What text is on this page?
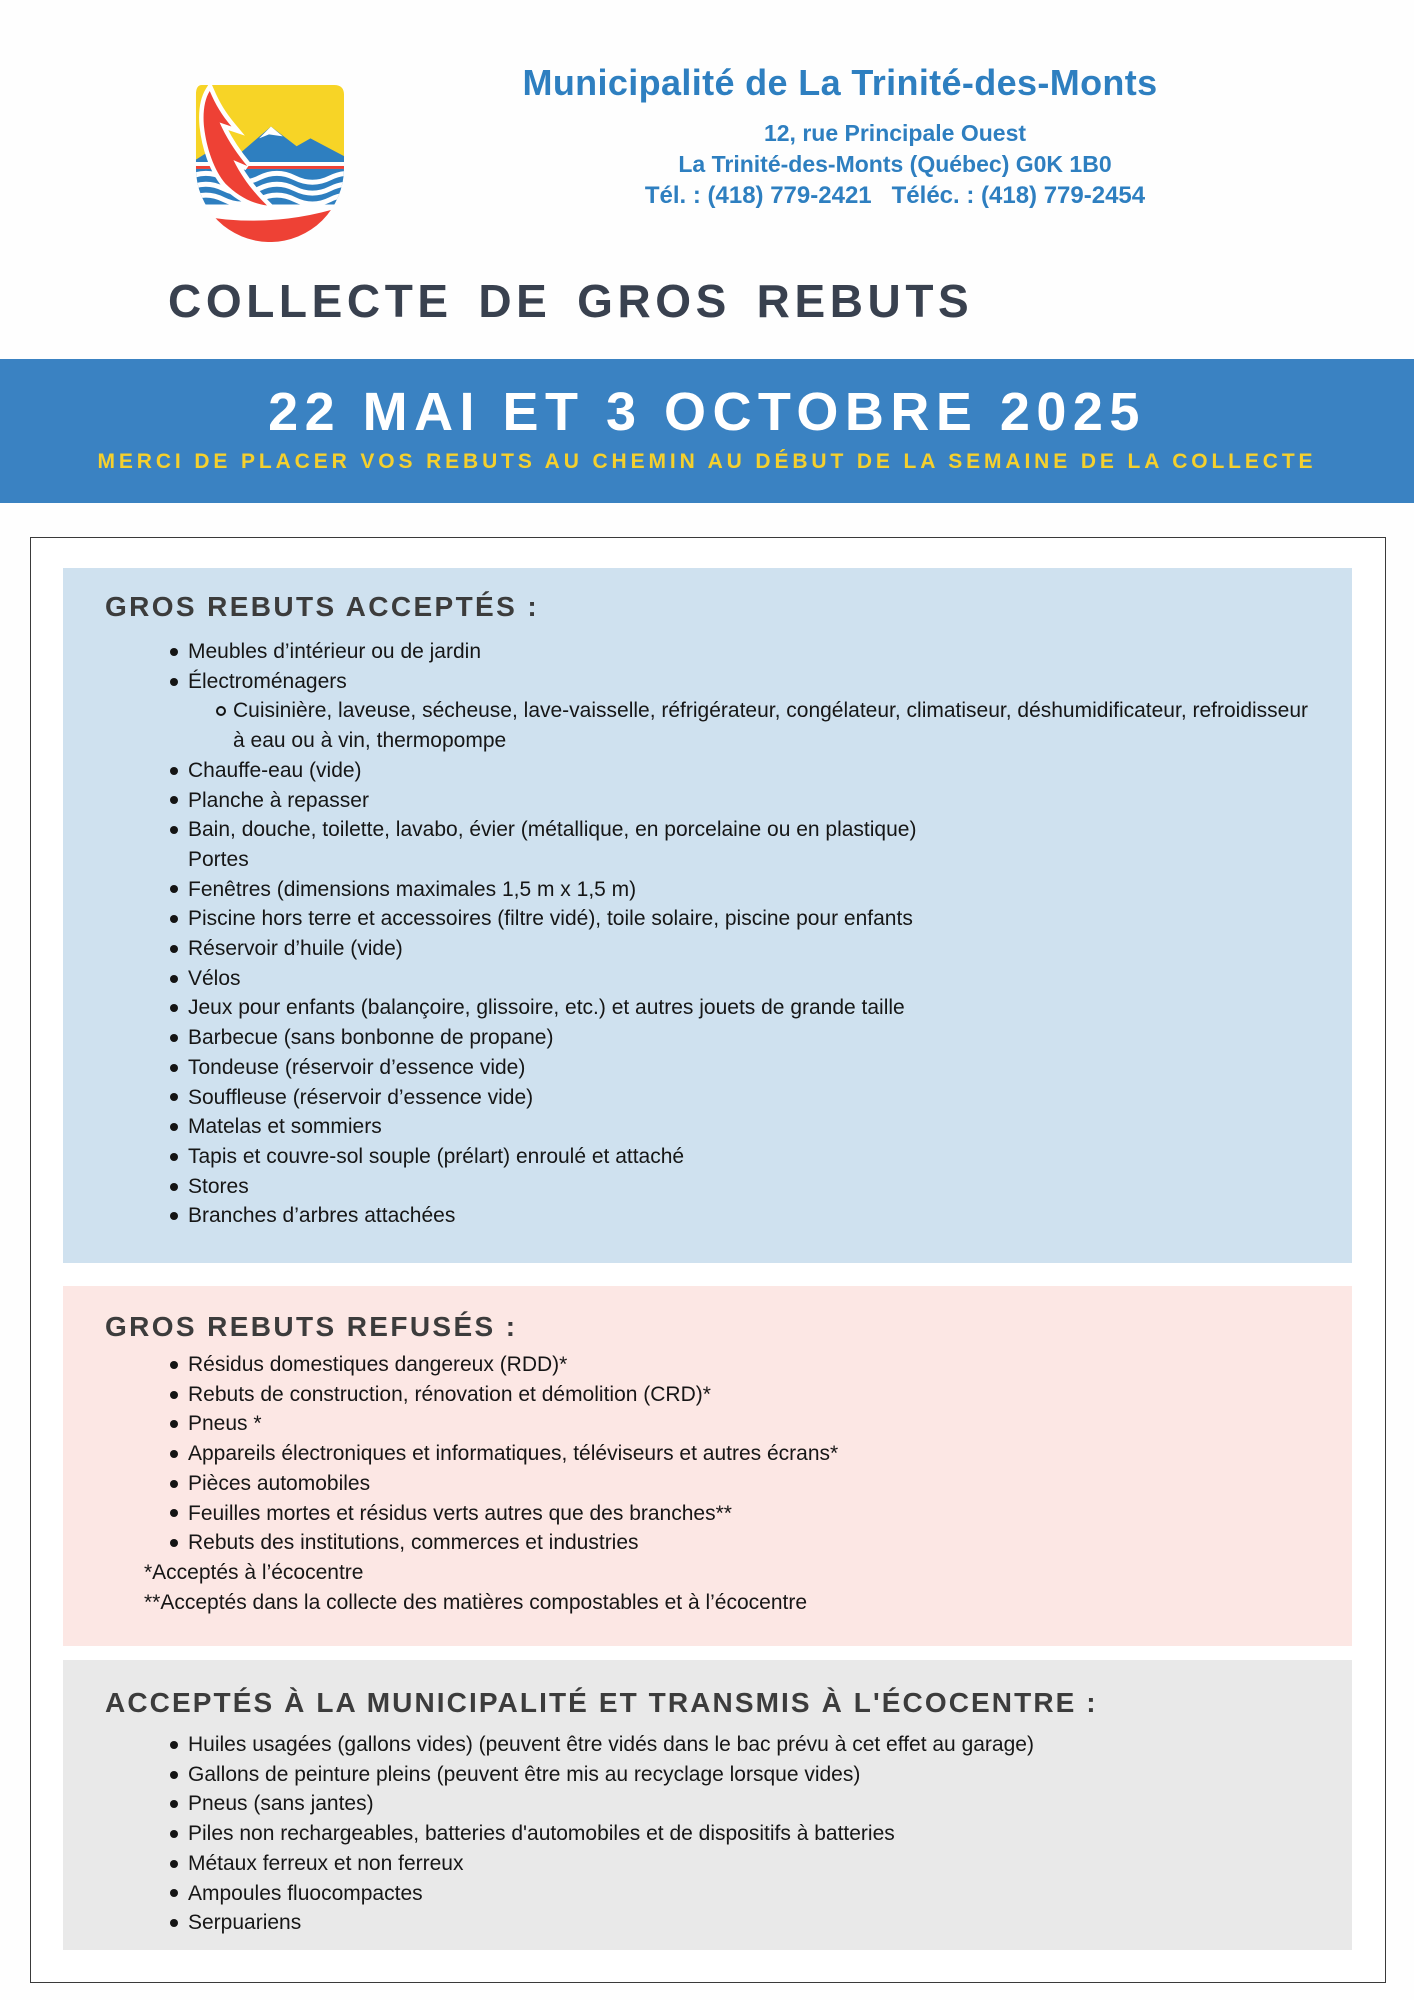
Municipalité de La Trinité-des-Monts
12, rue Principale Ouest
La Trinité-des-Monts (Québec) G0K 1B0
Tél. : (418) 779-2421   Téléc. : (418) 779-2454
COLLECTE DE GROS REBUTS
22 MAI ET 3 OCTOBRE 2025
MERCI DE PLACER VOS REBUTS AU CHEMIN AU DÉBUT DE LA SEMAINE DE LA COLLECTE
GROS REBUTS ACCEPTÉS :
Meubles d’intérieur ou de jardin
Électroménagers
Cuisinière, laveuse, sécheuse, lave-vaisselle, réfrigérateur, congélateur, climatiseur, déshumidificateur, refroidisseur à eau ou à vin, thermopompe
Chauffe-eau (vide)
Planche à repasser
Bain, douche, toilette, lavabo, évier (métallique, en porcelaine ou en plastique)
Portes
Fenêtres (dimensions maximales 1,5 m x 1,5 m)
Piscine hors terre et accessoires (filtre vidé), toile solaire, piscine pour enfants
Réservoir d’huile (vide)
Vélos
Jeux pour enfants (balançoire, glissoire, etc.) et autres jouets de grande taille
Barbecue (sans bonbonne de propane)
Tondeuse (réservoir d’essence vide)
Souffleuse (réservoir d’essence vide)
Matelas et sommiers
Tapis et couvre-sol souple (prélart) enroulé et attaché
Stores
Branches d’arbres attachées
GROS REBUTS REFUSÉS :
Résidus domestiques dangereux (RDD)*
Rebuts de construction, rénovation et démolition (CRD)*
Pneus *
Appareils électroniques et informatiques, téléviseurs et autres écrans*
Pièces automobiles
Feuilles mortes et résidus verts autres que des branches**
Rebuts des institutions, commerces et industries
*Acceptés à l’écocentre
**Acceptés dans la collecte des matières compostables et à l’écocentre
ACCEPTÉS À LA MUNICIPALITÉ ET TRANSMIS À L'ÉCOCENTRE :
Huiles usagées (gallons vides) (peuvent être vidés dans le bac prévu à cet effet au garage)
Gallons de peinture pleins (peuvent être mis au recyclage lorsque vides)
Pneus (sans jantes)
Piles non rechargeables, batteries d'automobiles et de dispositifs à batteries
Métaux ferreux et non ferreux
Ampoules fluocompactes
Serpuariens
